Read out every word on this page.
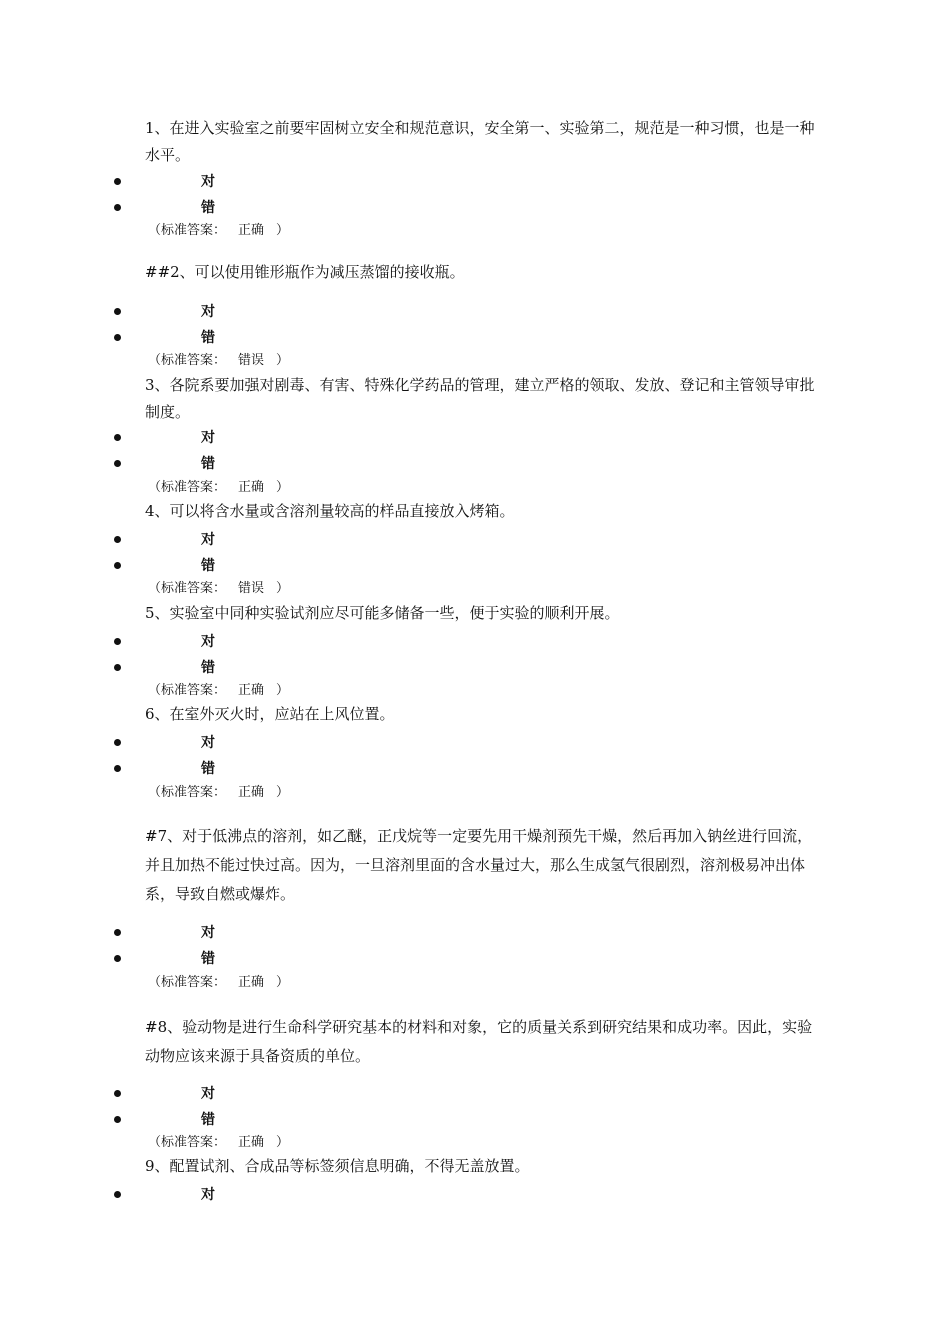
1、在进入实验室之前要牢固树立安全和规范意识，安全第一、实验第二，规范是一种习惯，也是一种水平。
对
错
（标准答案： 正确 ）
##2、可以使用锥形瓶作为减压蒸馏的接收瓶。
对
错
（标准答案： 错误 ）
3、各院系要加强对剧毒、有害、特殊化学药品的管理，建立严格的领取、发放、登记和主管领导审批制度。
对
错
（标准答案： 正确 ）
4、可以将含水量或含溶剂量较高的样品直接放入烤箱。
对
错
（标准答案： 错误 ）
5、实验室中同种实验试剂应尽可能多储备一些，便于实验的顺利开展。
对
错
（标准答案： 正确 ）
6、在室外灭火时，应站在上风位置。
对
错
（标准答案： 正确 ）
#7、对于低沸点的溶剂，如乙醚，正戊烷等一定要先用干燥剂预先干燥，然后再加入钠丝进行回流，并且加热不能过快过高。因为，一旦溶剂里面的含水量过大，那么生成氢气很剧烈，溶剂极易冲出体系，导致自燃或爆炸。
对
错
（标准答案： 正确 ）
#8、验动物是进行生命科学研究基本的材料和对象，它的质量关系到研究结果和成功率。因此，实验动物应该来源于具备资质的单位。
对
错
（标准答案： 正确 ）
9、配置试剂、合成品等标签须信息明确，不得无盖放置。
对
